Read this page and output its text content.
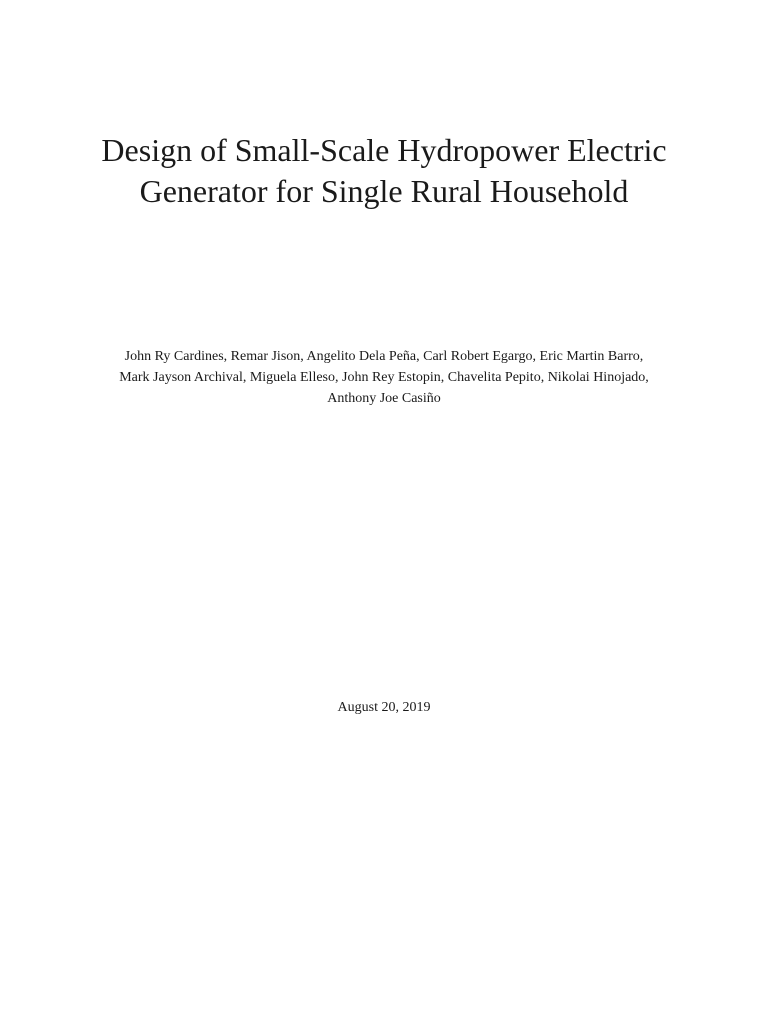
Design of Small-Scale Hydropower Electric
Generator for Single Rural Household
John Ry Cardines, Remar Jison, Angelito Dela Peña, Carl Robert Egargo, Eric Martin Barro,
Mark Jayson Archival, Miguela Elleso, John Rey Estopin, Chavelita Pepito, Nikolai Hinojado,
Anthony Joe Casiño
August 20, 2019
